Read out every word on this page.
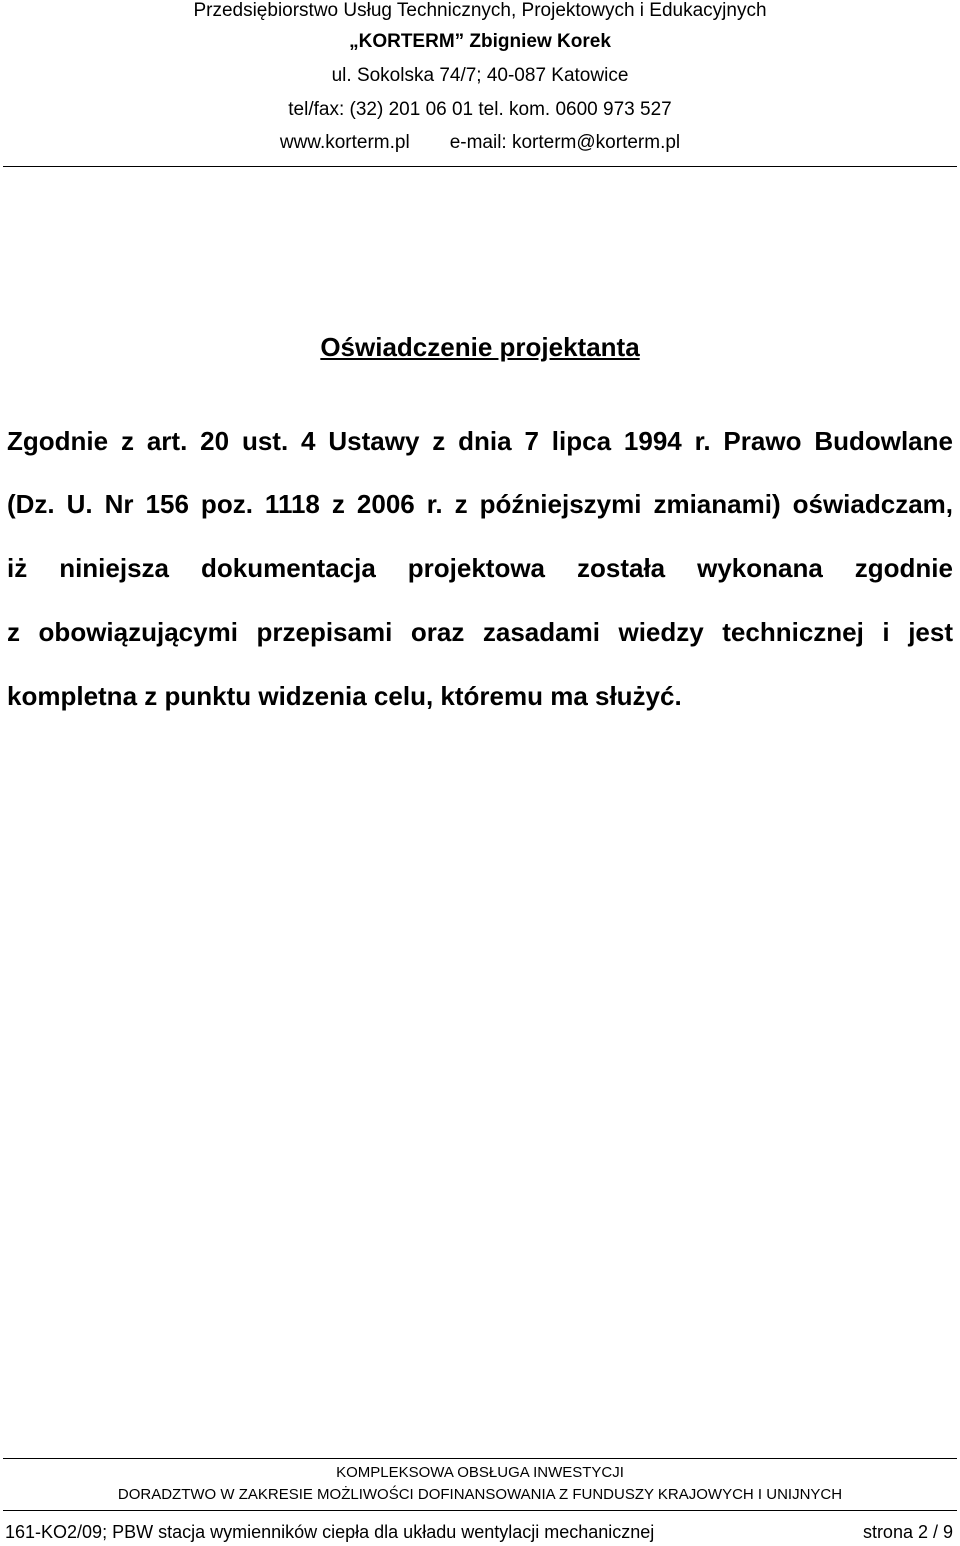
Przedsiębiorstwo Usług Technicznych, Projektowych i Edukacyjnych
„KORTERM” Zbigniew Korek
ul. Sokolska 74/7; 40-087 Katowice
tel/fax: (32) 201 06 01 tel. kom. 0600 973 527
www.korterm.pl e-mail: korterm@korterm.pl
Oświadczenie projektanta
Zgodnie z art. 20 ust. 4 Ustawy z dnia 7 lipca 1994 r. Prawo Budowlane
(Dz. U. Nr 156 poz. 1118 z 2006 r. z późniejszymi zmianami) oświadczam,
iż niniejsza dokumentacja projektowa została wykonana zgodnie
z obowiązującymi przepisami oraz zasadami wiedzy technicznej i jest
kompletna z punktu widzenia celu, któremu ma służyć.
KOMPLEKSOWA OBSŁUGA INWESTYCJI
DORADZTWO W ZAKRESIE MOŻLIWOŚCI DOFINANSOWANIA Z FUNDUSZY KRAJOWYCH I UNIJNYCH
161-KO2/09; PBW stacja wymienników ciepła dla układu wentylacji mechanicznej	strona 2 / 9
